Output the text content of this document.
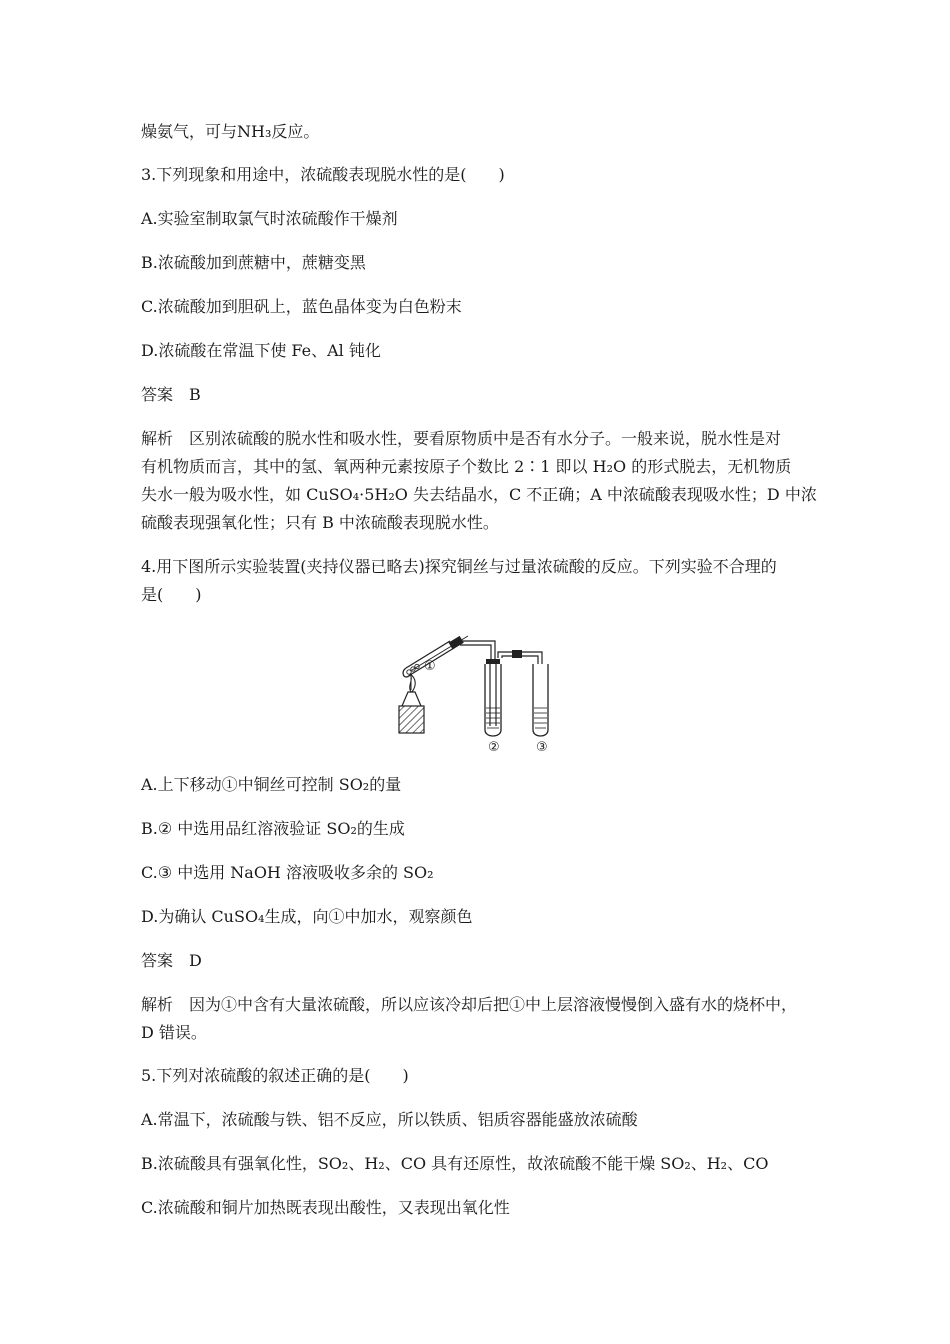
燥氨气，可与NH₃反应。
3.下列现象和用途中，浓硫酸表现脱水性的是(　　)
A.实验室制取氯气时浓硫酸作干燥剂
B.浓硫酸加到蔗糖中，蔗糖变黑
C.浓硫酸加到胆矾上，蓝色晶体变为白色粉末
D.浓硫酸在常温下使 Fe、Al 钝化
答案　B
解析　区别浓硫酸的脱水性和吸水性，要看原物质中是否有水分子。一般来说，脱水性是对
有机物质而言，其中的氢、氧两种元素按原子个数比 2∶1 即以 H₂O 的形式脱去，无机物质
失水一般为吸水性，如 CuSO₄·5H₂O 失去结晶水，C 不正确；A 中浓硫酸表现吸水性；D 中浓
硫酸表现强氧化性；只有 B 中浓硫酸表现脱水性。
4.用下图所示实验装置(夹持仪器已略去)探究铜丝与过量浓硫酸的反应。下列实验不合理的
是(　　)
①
②	③
A.上下移动①中铜丝可控制 SO₂的量
B.② 中选用品红溶液验证 SO₂的生成
C.③ 中选用 NaOH 溶液吸收多余的 SO₂
D.为确认 CuSO₄生成，向①中加水，观察颜色
答案　D
解析　因为①中含有大量浓硫酸，所以应该冷却后把①中上层溶液慢慢倒入盛有水的烧杯中，
D 错误。
5.下列对浓硫酸的叙述正确的是(　　)
A.常温下，浓硫酸与铁、铝不反应，所以铁质、铝质容器能盛放浓硫酸
B.浓硫酸具有强氧化性，SO₂、H₂、CO 具有还原性，故浓硫酸不能干燥 SO₂、H₂、CO
C.浓硫酸和铜片加热既表现出酸性，又表现出氧化性
